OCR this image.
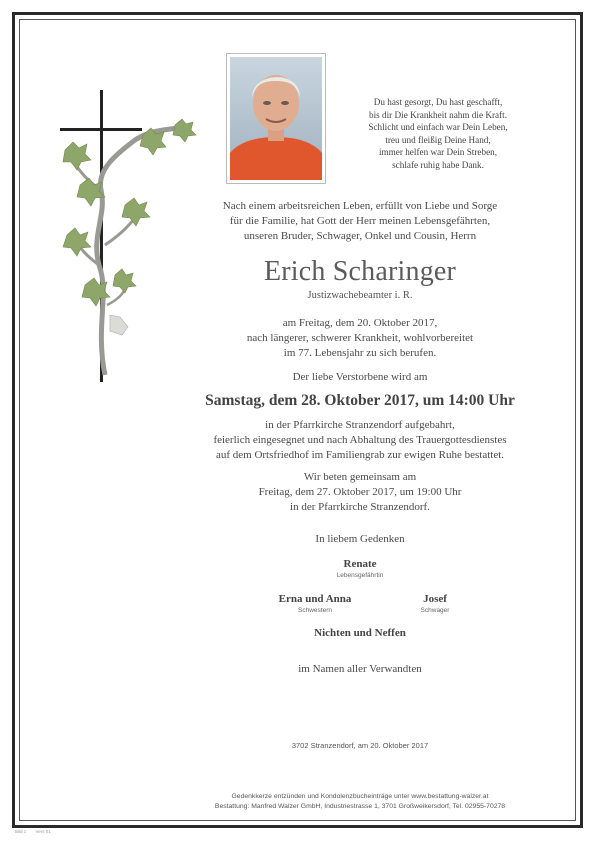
Du hast gesorgt, Du hast geschafft,
bis dir Die Krankheit nahm die Kraft.
Schlicht und einfach war Dein Leben,
treu und fleißig Deine Hand,
immer helfen war Dein Streben,
schlafe ruhig habe Dank.
Nach einem arbeitsreichen Leben, erfüllt von Liebe und Sorge
für die Familie, hat Gott der Herr meinen Lebensgefährten,
unseren Bruder, Schwager, Onkel und Cousin, Herrn
Erich Scharinger
Justizwachebeamter i. R.
am Freitag, dem 20. Oktober 2017,
nach längerer, schwerer Krankheit, wohlvorbereitet
im 77. Lebensjahr zu sich berufen.
Der liebe Verstorbene wird am
Samstag, dem 28. Oktober 2017, um 14:00 Uhr
in der Pfarrkirche Stranzendorf aufgebahrt,
feierlich eingesegnet und nach Abhaltung des Trauergottesdienstes
auf dem Ortsfriedhof im Familiengrab zur ewigen Ruhe bestattet.
Wir beten gemeinsam am
Freitag, dem 27. Oktober 2017, um 19:00 Uhr
in der Pfarrkirche Stranzendorf.
In liebem Gedenken
Renate
Lebensgefährtin
Erna und Anna
Schwestern
Josef
Schwager
Nichten und Neffen
im Namen aller Verwandten
3702 Stranzendorf, am 20. Oktober 2017
Gedenkkerze entzünden und Kondolenzbucheinträge unter www.bestattung-walzer.at
Bestattung: Manfred Walzer GmbH, Industriestrasse 1, 3701 Großweikersdorf, Tel. 02955-70278
Bild 1 Vers 01
